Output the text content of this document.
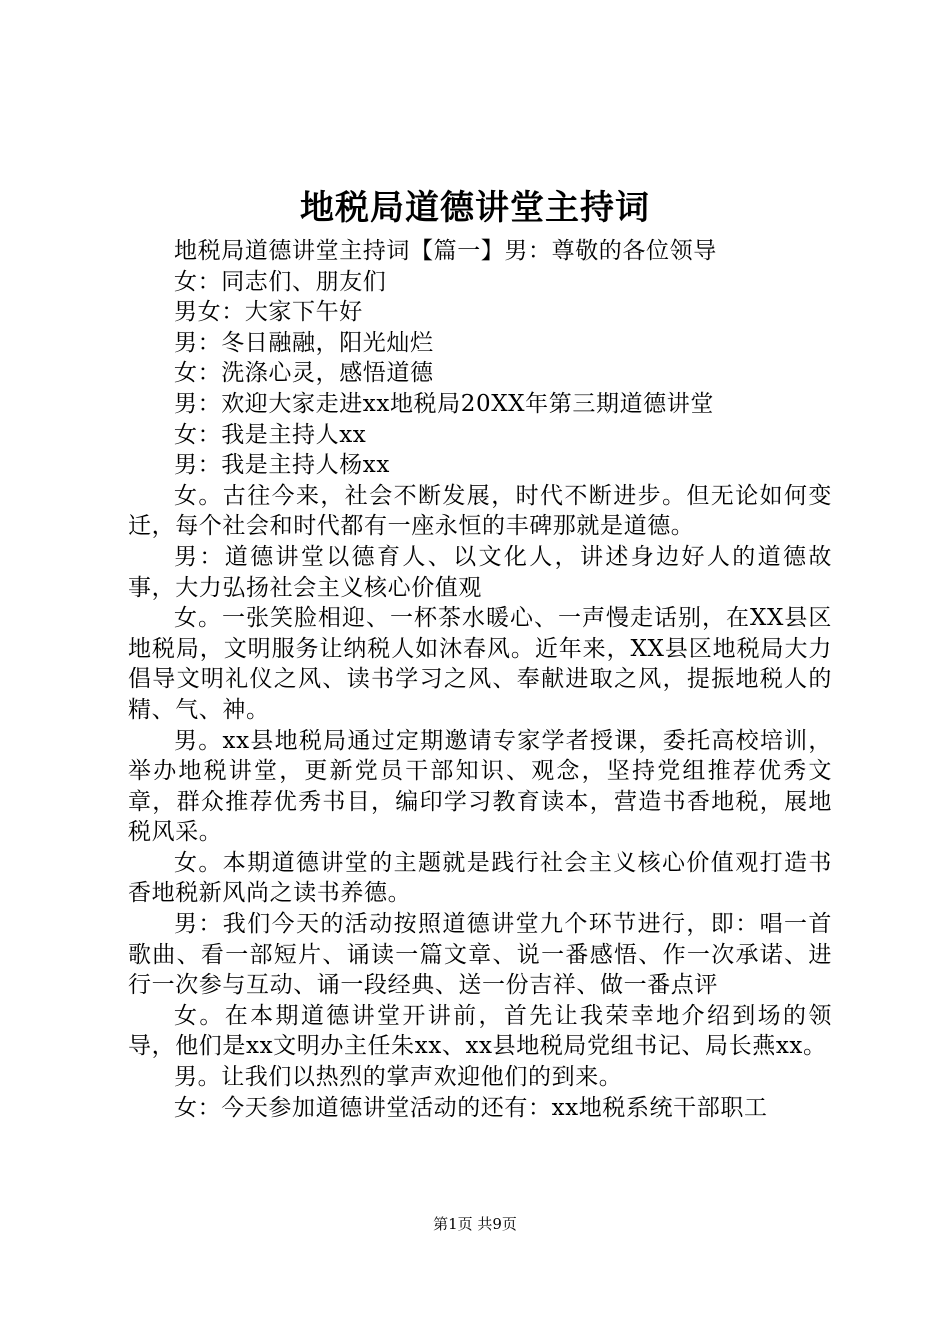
地税局道德讲堂主持词

地税局道德讲堂主持词【篇一】男：尊敬的各位领导

女：同志们、朋友们

男女：大家下午好

男：冬日融融，阳光灿烂

女：洗涤心灵，感悟道德

男：欢迎大家走进xx地税局20XX年第三期道德讲堂

女：我是主持人xx

男：我是主持人杨xx

女。古往今来，社会不断发展，时代不断进步。但无论如何变迁，每个社会和时代都有一座永恒的丰碑那就是道德。

男：道德讲堂以德育人、以文化人，讲述身边好人的道德故事，大力弘扬社会主义核心价值观

女。一张笑脸相迎、一杯茶水暖心、一声慢走话别，在XX县区地税局，文明服务让纳税人如沐春风。近年来，XX县区地税局大力倡导文明礼仪之风、读书学习之风、奉献进取之风，提振地税人的精、气、神。

男。xx县地税局通过定期邀请专家学者授课，委托高校培训，举办地税讲堂，更新党员干部知识、观念，坚持党组推荐优秀文章，群众推荐优秀书目，编印学习教育读本，营造书香地税，展地税风采。

女。本期道德讲堂的主题就是践行社会主义核心价值观打造书香地税新风尚之读书养德。

男：我们今天的活动按照道德讲堂九个环节进行，即：唱一首歌曲、看一部短片、诵读一篇文章、说一番感悟、作一次承诺、进行一次参与互动、诵一段经典、送一份吉祥、做一番点评

女。在本期道德讲堂开讲前，首先让我荣幸地介绍到场的领导，他们是xx文明办主任朱xx、xx县地税局党组书记、局长燕xx。

男。让我们以热烈的掌声欢迎他们的到来。

女：今天参加道德讲堂活动的还有：xx地税系统干部职工

第1页 共9页
